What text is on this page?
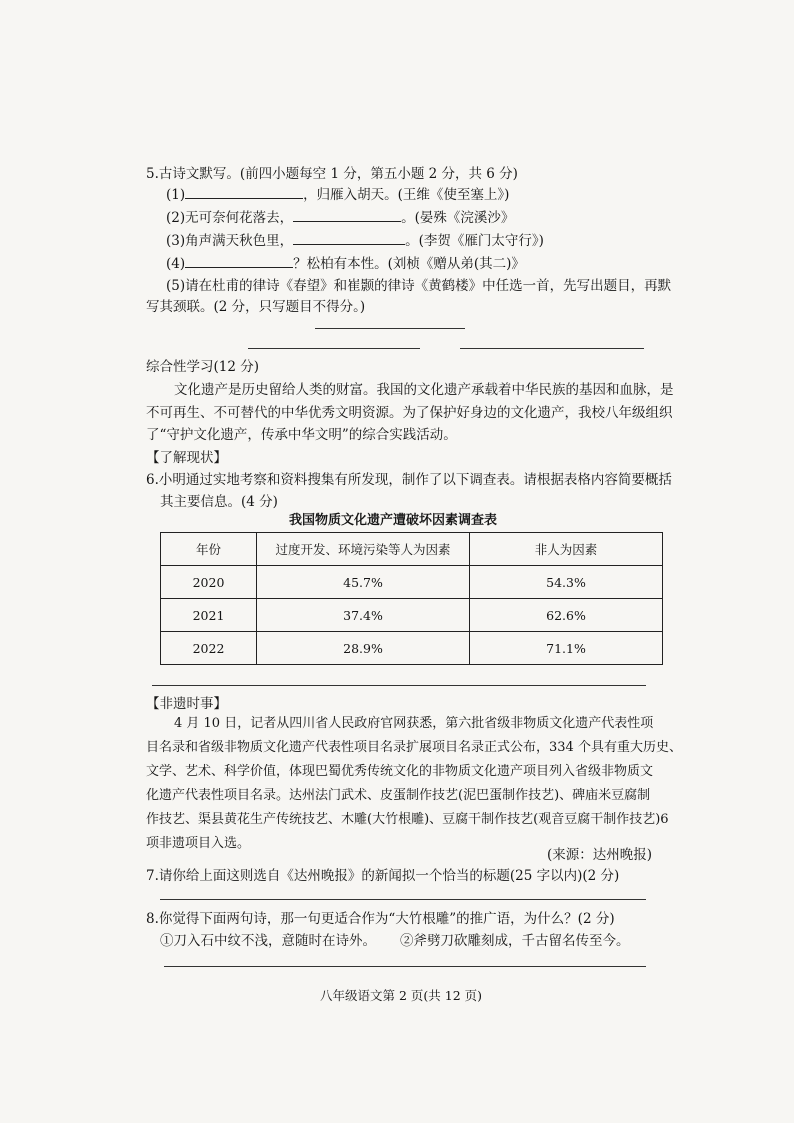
5.古诗文默写。(前四小题每空 1 分，第五小题 2 分，共 6 分)
(1)	，归雁入胡天。(王维《使至塞上》)
(2)无可奈何花落去，	。(晏殊《浣溪沙》
(3)角声满天秋色里，	。(李贺《雁门太守行》)
(4)	？松柏有本性。(刘桢《赠从弟(其二)》
(5)请在杜甫的律诗《春望》和崔颢的律诗《黄鹤楼》中任选一首，先写出题目，再默
写其颈联。(2 分，只写题目不得分。)
综合性学习(12 分)
文化遗产是历史留给人类的财富。我国的文化遗产承载着中华民族的基因和血脉，是
不可再生、不可替代的中华优秀文明资源。为了保护好身边的文化遗产，我校八年级组织
了“守护文化遗产，传承中华文明”的综合实践活动。
【了解现状】
6.小明通过实地考察和资料搜集有所发现，制作了以下调查表。请根据表格内容简要概括
其主要信息。(4 分)
我国物质文化遗产遭破坏因素调查表
年份	过度开发、环境污染等人为因素	非人为因素
2020	45.7%	54.3%
2021	37.4%	62.6%
2022	28.9%	71.1%
【非遗时事】
4 月 10 日，记者从四川省人民政府官网获悉，第六批省级非物质文化遗产代表性项
目名录和省级非物质文化遗产代表性项目名录扩展项目名录正式公布，334 个具有重大历史、
文学、艺术、科学价值，体现巴蜀优秀传统文化的非物质文化遗产项目列入省级非物质文
化遗产代表性项目名录。达州法门武术、皮蛋制作技艺(泥巴蛋制作技艺)、碑庙米豆腐制
作技艺、渠县黄花生产传统技艺、木雕(大竹根雕)、豆腐干制作技艺(观音豆腐干制作技艺)6
项非遗项目入选。
(来源：达州晚报)
7.请你给上面这则选自《达州晚报》的新闻拟一个恰当的标题(25 字以内)(2 分)
8.你觉得下面两句诗，那一句更适合作为“大竹根雕”的推广语，为什么？(2 分)
①刀入石中纹不浅，意随时在诗外。 ②斧劈刀砍雕刻成，千古留名传至今。
八年级语文第 2 页(共 12 页)
